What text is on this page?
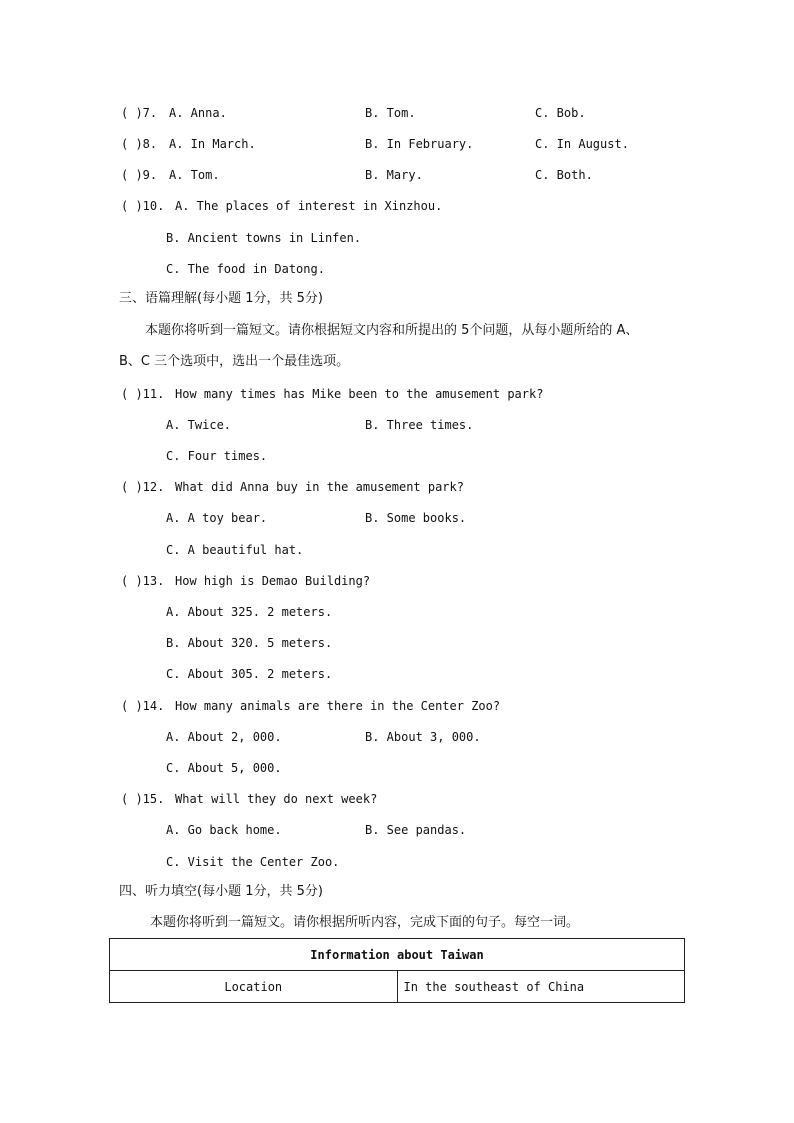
( )7. A. Anna.	B. Tom.	C. Bob.
( )8. A. In March.	B. In February.	C. In August.
( )9. A. Tom.	B. Mary.	C. Both.
( )10. A. The places of interest in Xinzhou.
B. Ancient towns in Linfen.
C. The food in Datong.
三、语篇理解(每小题 1分，共 5分)
本题你将听到一篇短文。请你根据短文内容和所提出的 5个问题，从每小题所给的 A、
B、C 三个选项中，选出一个最佳选项。
( )11. How many times has Mike been to the amusement park?
A. Twice.	B. Three times.
C. Four times.
( )12. What did Anna buy in the amusement park?
A. A toy bear.	B. Some books.
C. A beautiful hat.
( )13. How high is Demao Building?
A. About 325. 2 meters.
B. About 320. 5 meters.
C. About 305. 2 meters.
( )14. How many animals are there in the Center Zoo?
A. About 2, 000.	B. About 3, 000.
C. About 5, 000.
( )15. What will they do next week?
A. Go back home.	B. See pandas.
C. Visit the Center Zoo.
四、听力填空(每小题 1分，共 5分)
本题你将听到一篇短文。请你根据所听内容，完成下面的句子。每空一词。
Information about Taiwan
Location	In the southeast of China
